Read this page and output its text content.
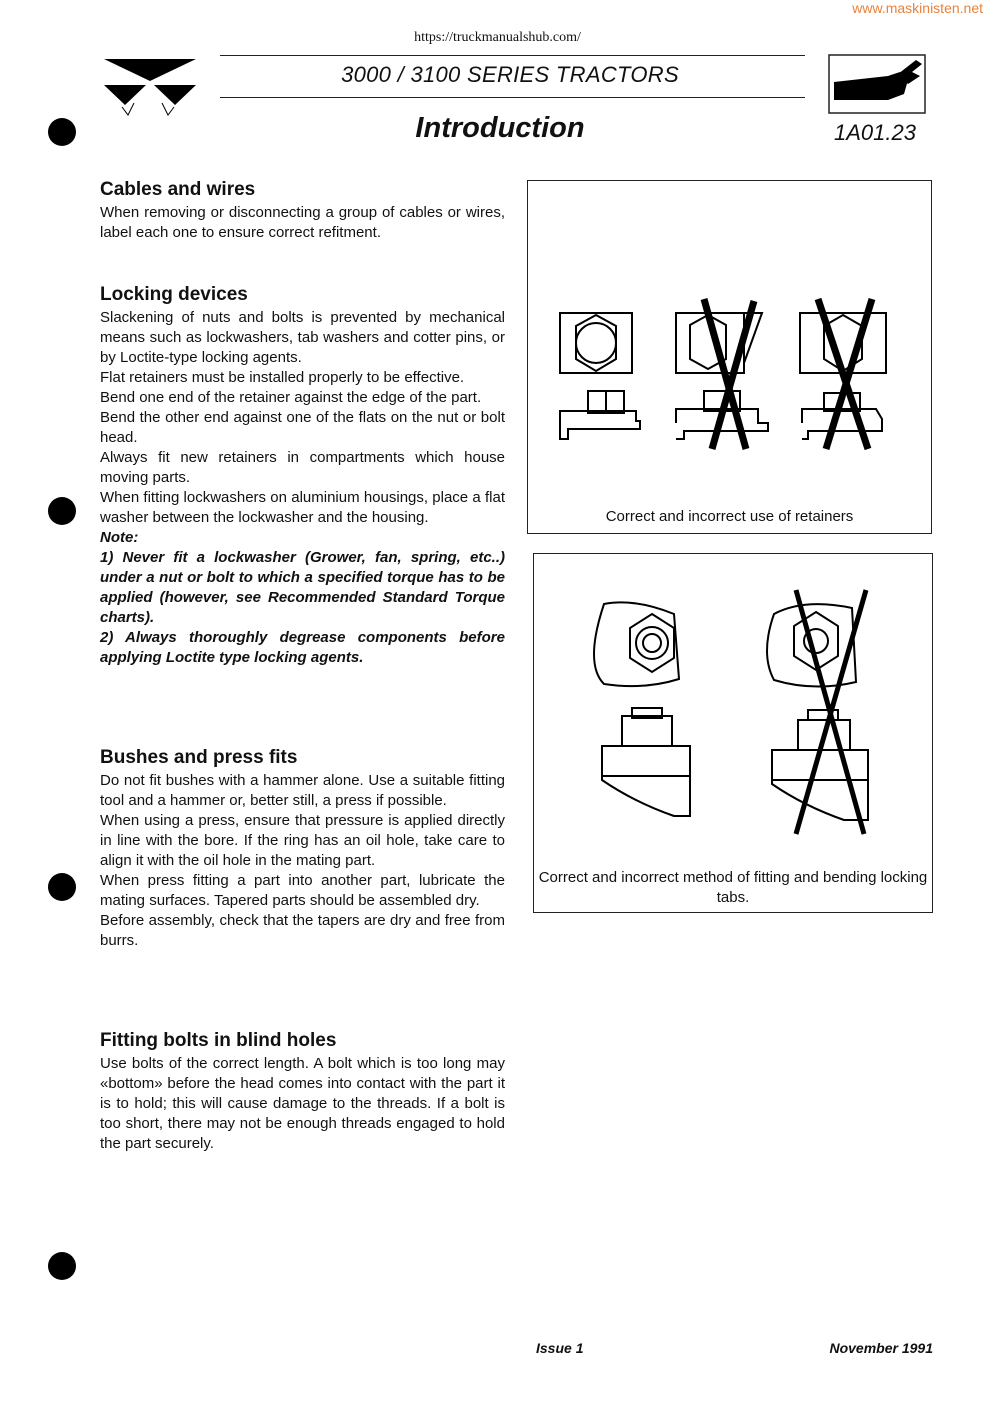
www.maskinisten.net
https://truckmanualshub.com/
3000 / 3100 SERIES TRACTORS
Introduction	1A01.23
Cables and wires

When removing or disconnecting a group of cables or wires, label each one to ensure correct refitment.

Locking devices

Slackening of nuts and bolts is prevented by mechanical means such as lockwashers, tab washers and cotter pins, or by Loctite-type locking agents.

Flat retainers must be installed properly to be effective.

Bend one end of the retainer against the edge of the part.

Bend the other end against one of the flats on the nut or bolt head.

Always fit new retainers in compartments which house moving parts.

When fitting lockwashers on aluminium housings, place a flat washer between the lockwasher and the housing.

Note:

1) Never fit a lockwasher (Grower, fan, spring, etc..) under a nut or bolt to which a specified torque has to be applied (however, see Recommended Standard Torque charts).

2) Always thoroughly degrease components before applying Loctite type locking agents.

Bushes and press fits

Do not fit bushes with a hammer alone. Use a suitable fitting tool and a hammer or, better still, a press if possible.

When using a press, ensure that pressure is applied directly in line with the bore. If the ring has an oil hole, take care to align it with the oil hole in the mating part.

When press fitting a part into another part, lubricate the mating surfaces. Tapered parts should be assembled dry.

Before assembly, check that the tapers are dry and free from burrs.

Fitting bolts in blind holes

Use bolts of the correct length. A bolt which is too long may «bottom» before the head comes into contact with the part it is to hold; this will cause damage to the threads. If a bolt is too short, there may not be enough threads engaged to hold the part securely.

Correct and incorrect use of retainers
Correct and incorrect method of fitting and bending locking tabs.
Issue 1	November 1991
